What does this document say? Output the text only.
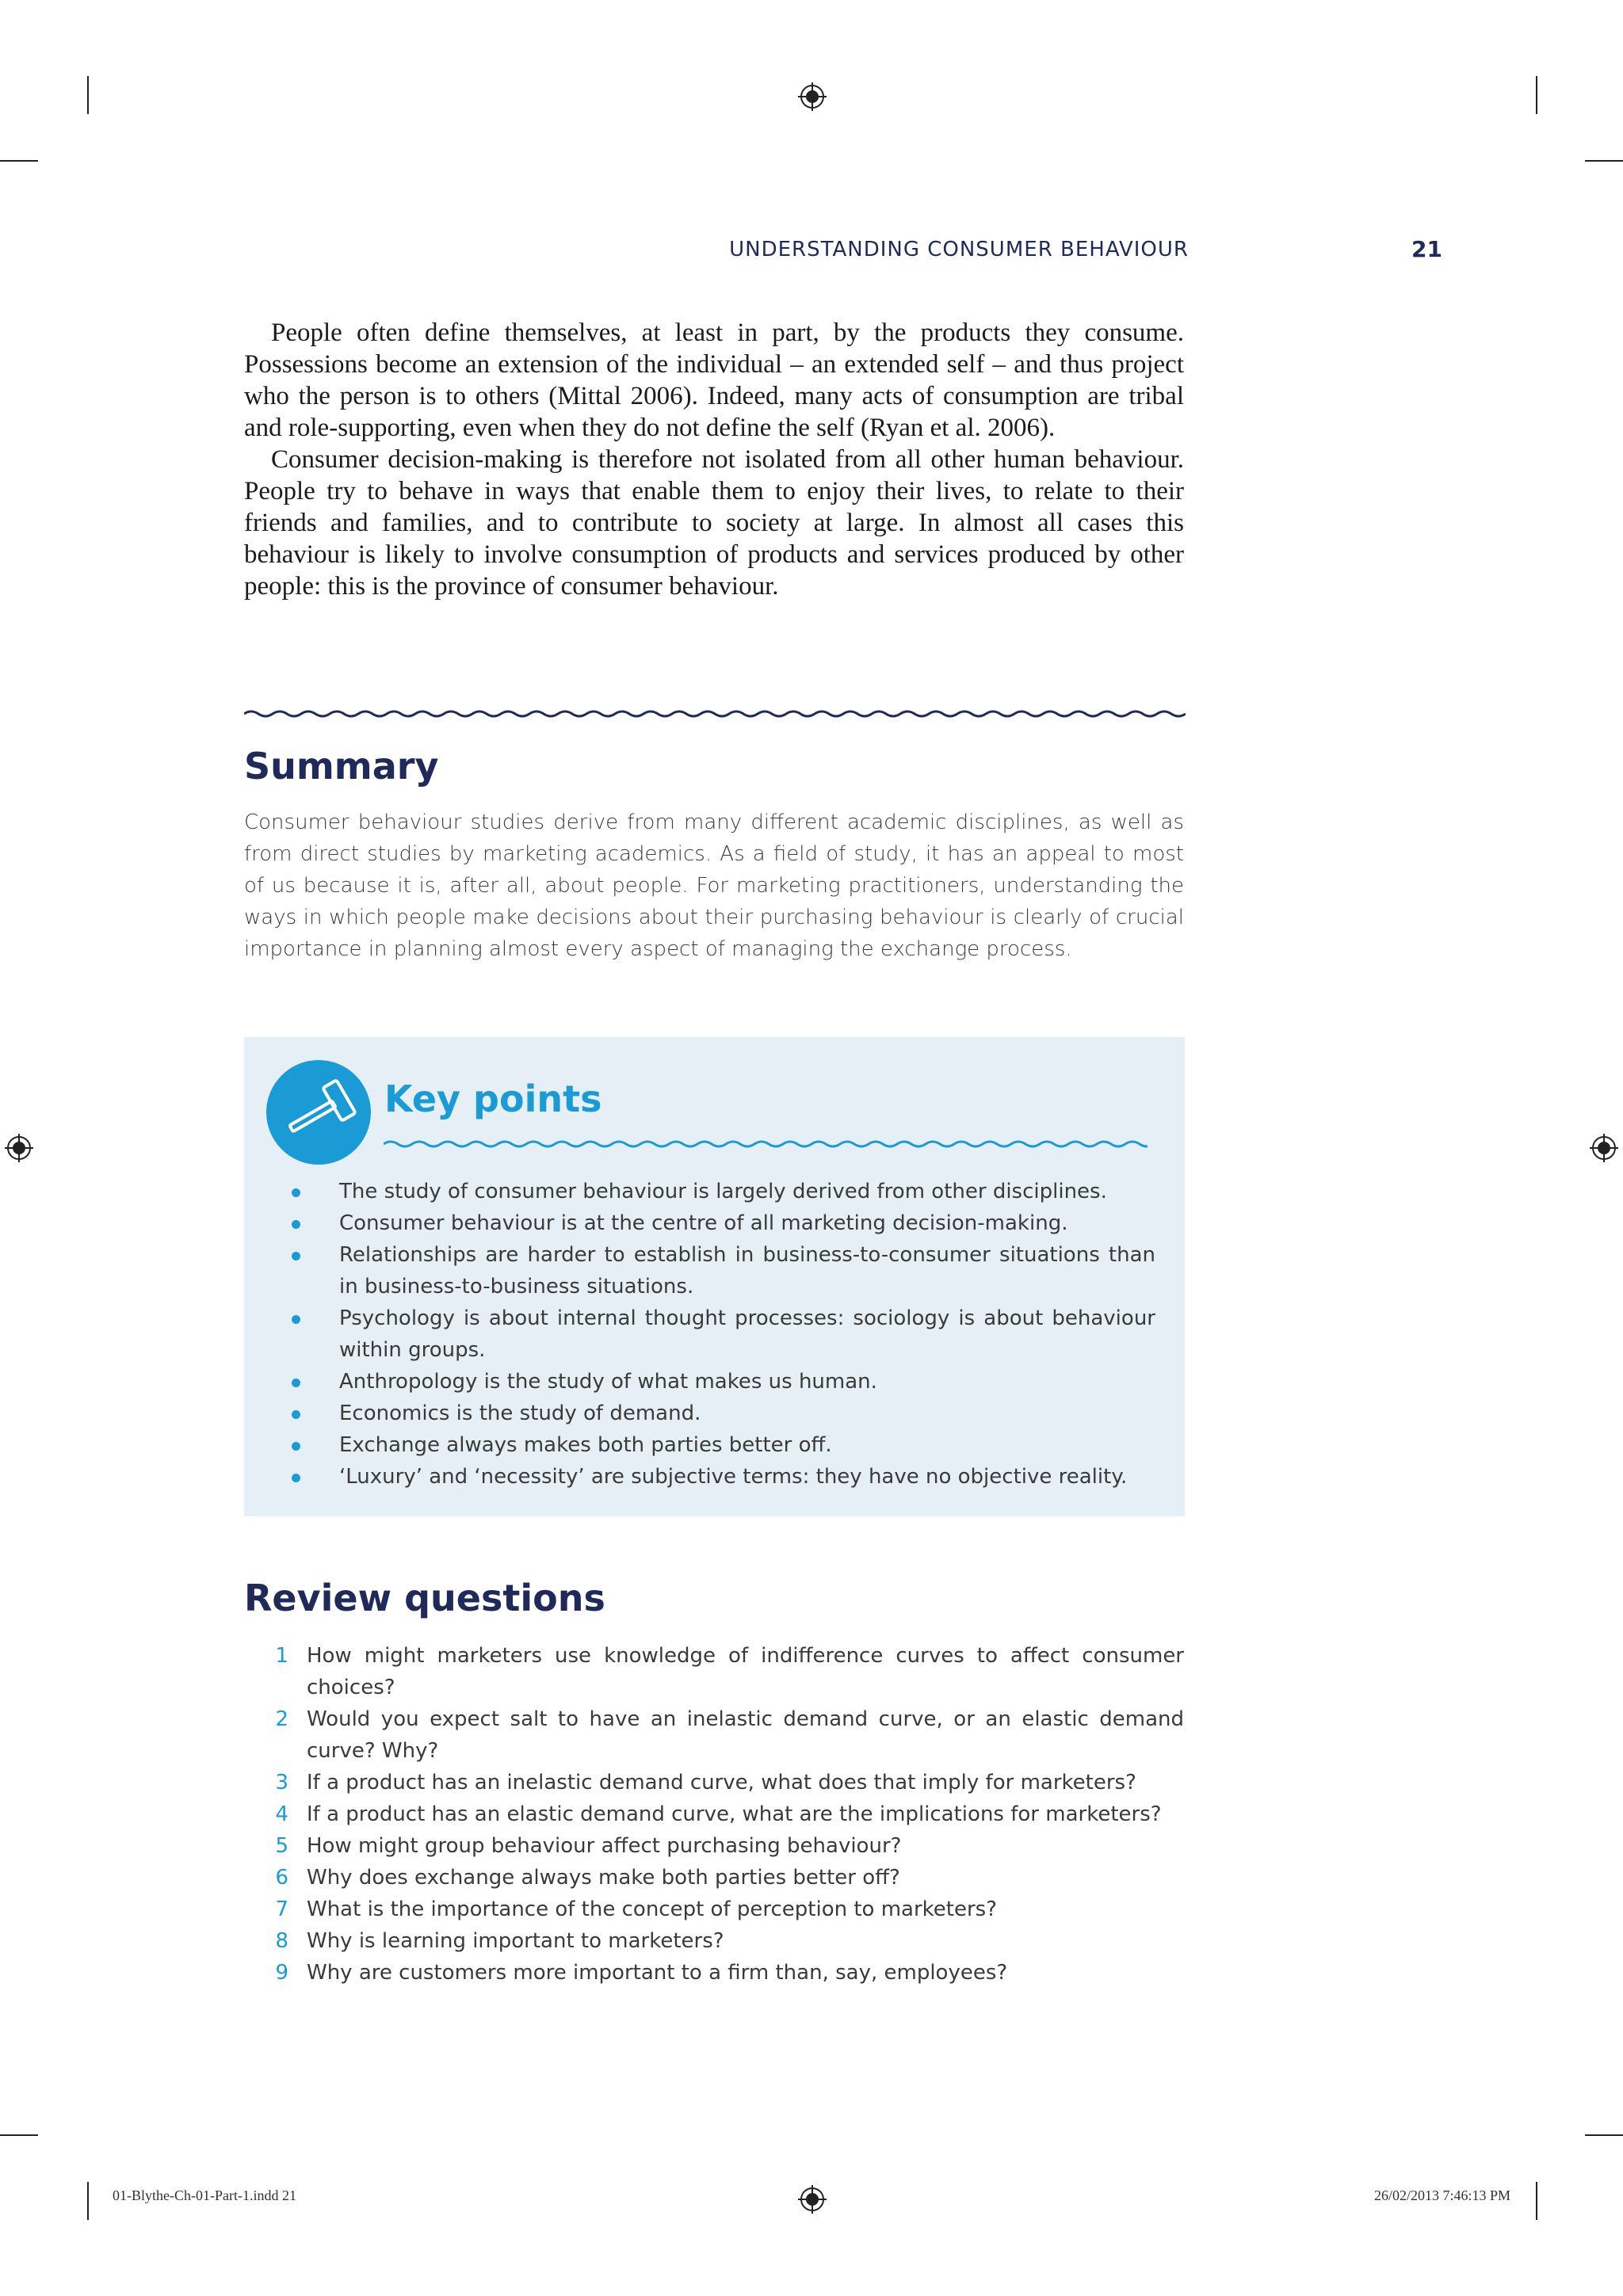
UNDERSTANDING CONSUMER BEHAVIOUR	21

People often define themselves, at least in part, by the products they consume. Possessions become an extension of the individual – an extended self – and thus project who the person is to others (Mittal 2006). Indeed, many acts of consumption are tribal and role-supporting, even when they do not define the self (Ryan et al. 2006).

Consumer decision-making is therefore not isolated from all other human behaviour. People try to behave in ways that enable them to enjoy their lives, to relate to their friends and families, and to contribute to society at large. In almost all cases this behaviour is likely to involve consumption of products and services produced by other people: this is the province of consumer behaviour.

Summary

Consumer behaviour studies derive from many different academic disciplines, as well as from direct studies by marketing academics. As a field of study, it has an appeal to most of us because it is, after all, about people. For marketing practitioners, understanding the ways in which people make decisions about their purchasing behaviour is clearly of crucial importance in planning almost every aspect of managing the exchange process.

Key points
The study of consumer behaviour is largely derived from other disciplines.
Consumer behaviour is at the centre of all marketing decision-making.
Relationships are harder to establish in business-to-consumer situations than in business-to-business situations.
Psychology is about internal thought processes: sociology is about behaviour within groups.
Anthropology is the study of what makes us human.
Economics is the study of demand.
Exchange always makes both parties better off.
‘Luxury’ and ‘necessity’ are subjective terms: they have no objective reality.
Review questions
1 How might marketers use knowledge of indifference curves to affect consumer choices?
2 Would you expect salt to have an inelastic demand curve, or an elastic demand curve? Why?
3 If a product has an inelastic demand curve, what does that imply for marketers?
4 If a product has an elastic demand curve, what are the implications for marketers?
5 How might group behaviour affect purchasing behaviour?
6 Why does exchange always make both parties better off?
7 What is the importance of the concept of perception to marketers?
8 Why is learning important to marketers?
9 Why are customers more important to a firm than, say, employees?
01-Blythe-Ch-01-Part-1.indd 21	26/02/2013 7:46:13 PM
